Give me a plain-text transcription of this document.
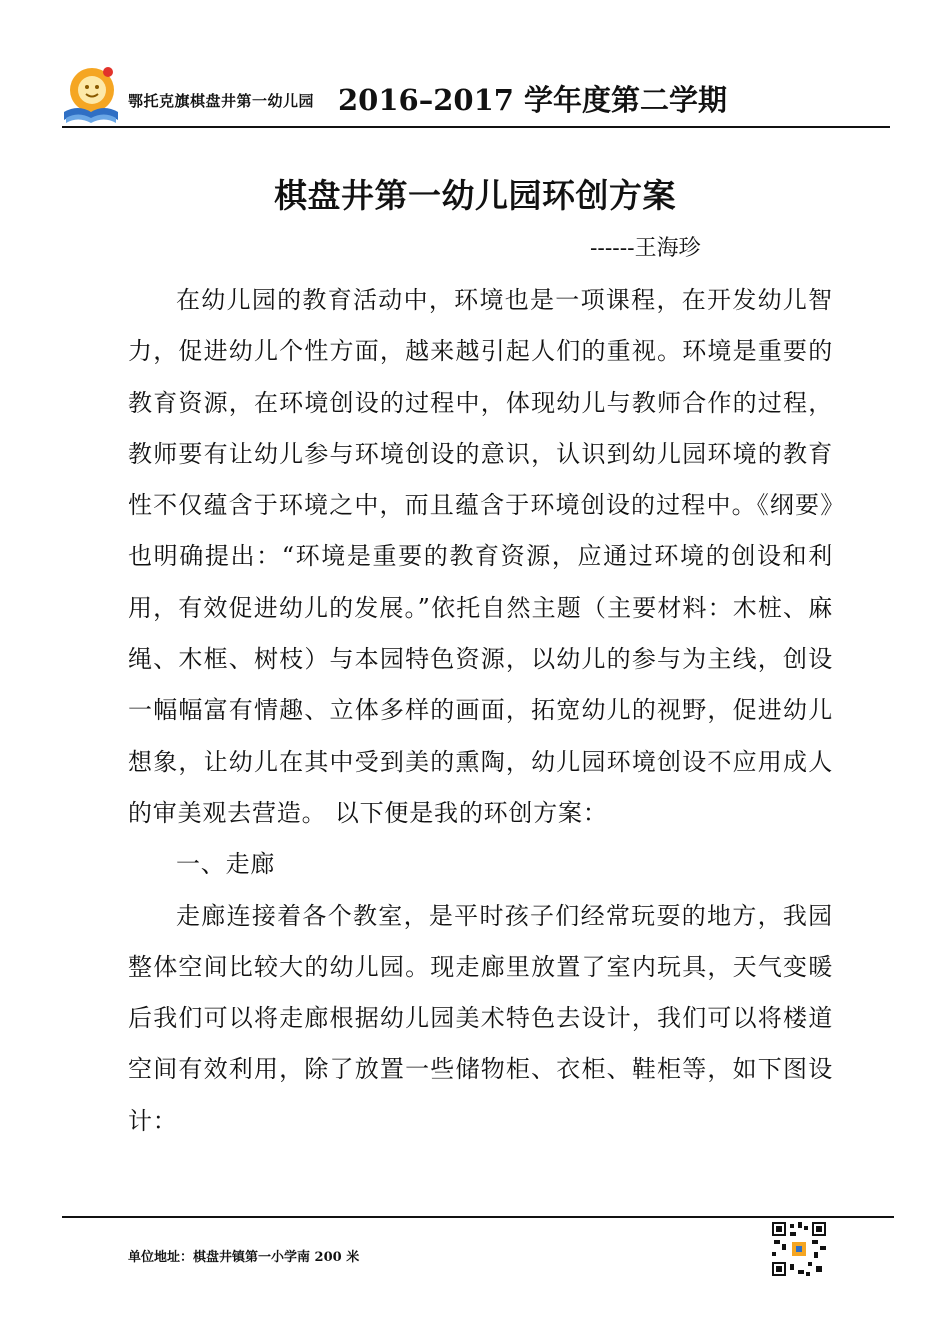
鄂托克旗棋盘井第一幼儿园 2016–2017 学年度第二学期
棋盘井第一幼儿园环创方案
------王海珍

在幼儿园的教育活动中，环境也是一项课程，在开发幼儿智力，促进幼儿个性方面，越来越引起人们的重视。环境是重要的教育资源，在环境创设的过程中，体现幼儿与教师合作的过程，教师要有让幼儿参与环境创设的意识，认识到幼儿园环境的教育性不仅蕴含于环境之中，而且蕴含于环境创设的过程中。《纲要》也明确提出：“环境是重要的教育资源，应通过环境的创设和利用，有效促进幼儿的发展。”依托自然主题（主要材料：木桩、麻绳、木框、树枝）与本园特色资源，以幼儿的参与为主线，创设一幅幅富有情趣、立体多样的画面，拓宽幼儿的视野，促进幼儿想象，让幼儿在其中受到美的熏陶，幼儿园环境创设不应用成人的审美观去营造。 以下便是我的环创方案：

一、走廊

走廊连接着各个教室，是平时孩子们经常玩耍的地方，我园整体空间比较大的幼儿园。现走廊里放置了室内玩具，天气变暖后我们可以将走廊根据幼儿园美术特色去设计，我们可以将楼道空间有效利用，除了放置一些储物柜、衣柜、鞋柜等，如下图设计：

单位地址：棋盘井镇第一小学南 200 米
